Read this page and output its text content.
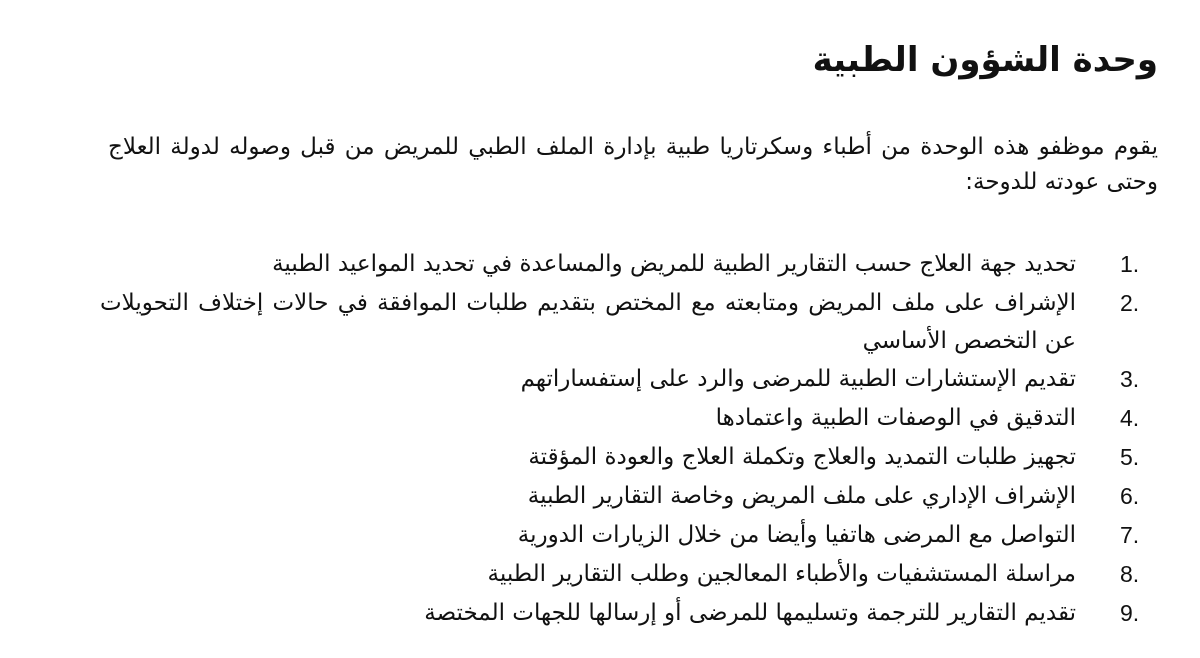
وحدة الشؤون الطبية

يقوم موظفو هذه الوحدة من أطباء وسكرتاريا طبية بإدارة الملف الطبي للمريض من قبل وصوله لدولة العلاج وحتى عودته للدوحة:

1.
تحديد جهة العلاج حسب التقارير الطبية للمريض والمساعدة في تحديد المواعيد الطبية
2.
الإشراف على ملف المريض ومتابعته مع المختص بتقديم طلبات الموافقة في حالات إختلاف التحويلات عن التخصص الأساسي
3.
تقديم الإستشارات الطبية للمرضى والرد على إستفساراتهم
4.
التدقيق في الوصفات الطبية واعتمادها
5.
تجهيز طلبات التمديد والعلاج وتكملة العلاج والعودة المؤقتة
6.
الإشراف الإداري على ملف المريض وخاصة التقارير الطبية
7.
التواصل مع المرضى هاتفيا وأيضا من خلال الزيارات الدورية
8.
مراسلة المستشفيات والأطباء المعالجين وطلب التقارير الطبية
9.
تقديم التقارير للترجمة وتسليمها للمرضى أو إرسالها للجهات المختصة
